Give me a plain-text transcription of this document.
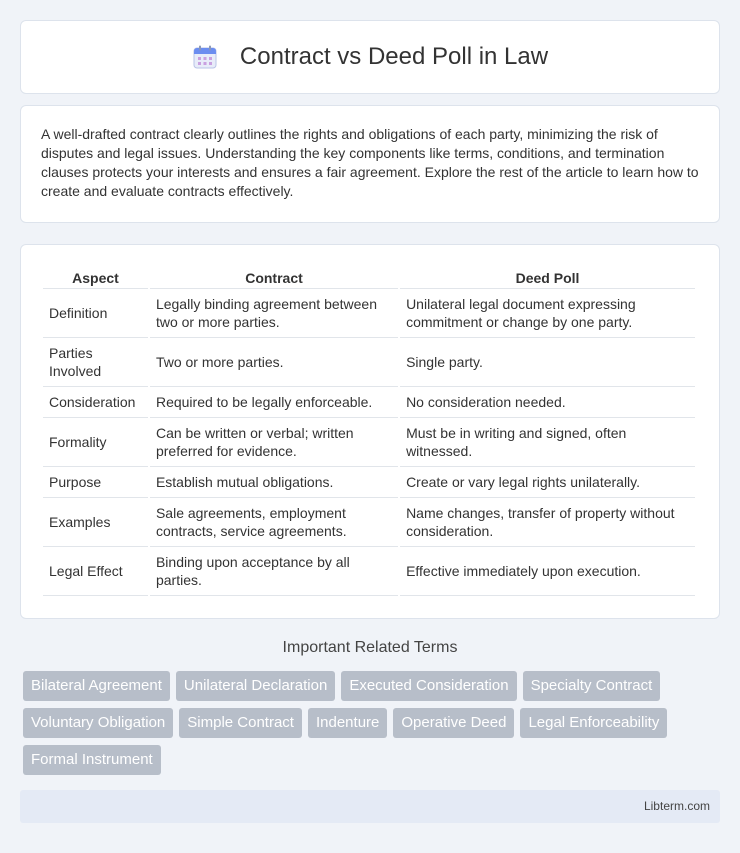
Contract vs Deed Poll in Law

A well-drafted contract clearly outlines the rights and obligations of each party, minimizing the risk of disputes and legal issues. Understanding the key components like terms, conditions, and termination clauses protects your interests and ensures a fair agreement. Explore the rest of the article to learn how to create and evaluate contracts effectively.

Aspect	Contract	Deed Poll
Definition	Legally binding agreement between two or more parties.	Unilateral legal document expressing commitment or change by one party.
Parties Involved	Two or more parties.	Single party.
Consideration	Required to be legally enforceable.	No consideration needed.
Formality	Can be written or verbal; written preferred for evidence.	Must be in writing and signed, often witnessed.
Purpose	Establish mutual obligations.	Create or vary legal rights unilaterally.
Examples	Sale agreements, employment contracts, service agreements.	Name changes, transfer of property without consideration.
Legal Effect	Binding upon acceptance by all parties.	Effective immediately upon execution.
Important Related Terms
Bilateral Agreement	Unilateral Declaration	Executed Consideration	Specialty Contract
Voluntary Obligation	Simple Contract	Indenture	Operative Deed	Legal Enforceability
Formal Instrument
Libterm.com
